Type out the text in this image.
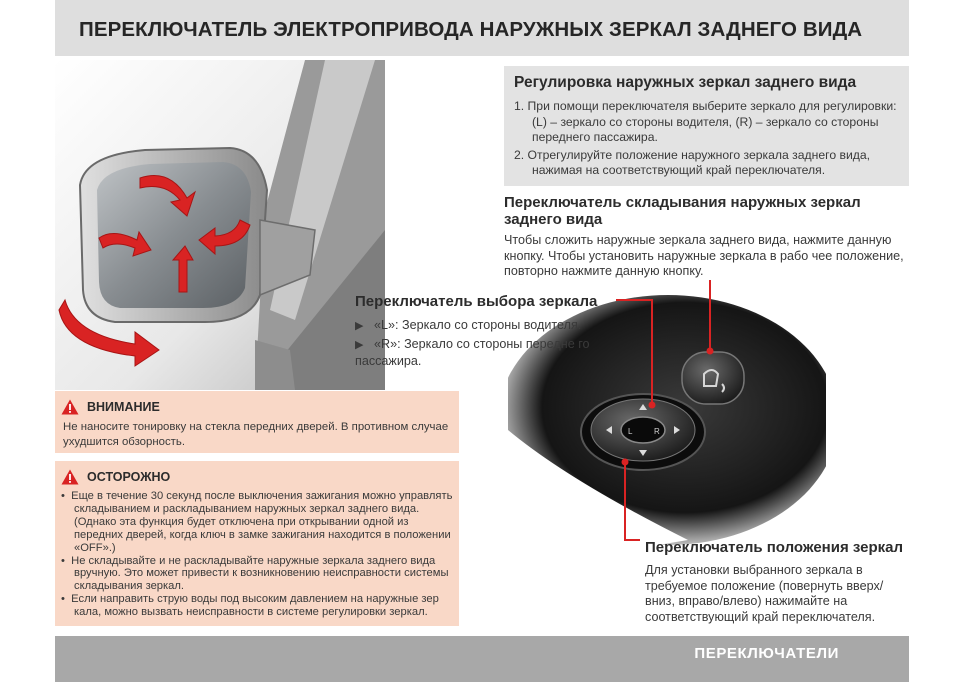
ПЕРЕКЛЮЧАТЕЛЬ ЭЛЕКТРОПРИВОДА НАРУЖНЫХ ЗЕРКАЛ ЗАДНЕГО ВИДА
Регулировка наружных зеркал заднего вида
1. При помощи переключателя выберите зеркало для регулировки: (L) – зеркало со стороны водителя, (R) – зеркало со стороны переднего пассажира.
2. Отрегулируйте положение наружного зеркала заднего вида, нажимая на соответствующий край переключателя.
Переключатель складывания наружных зеркал
заднего вида
Чтобы сложить наружные зеркала заднего вида, нажмите данную кнопку. Чтобы установить наружные зеркала в рабо чее положение, повторно нажмите данную кнопку.
L	R
Переключатель выбора зеркала
▶ «L»: Зеркало со стороны водителя.
▶ «R»: Зеркало со стороны передне го пассажира.
Переключатель положения зеркал
Для установки выбранного зеркала в требуемое положение (повернуть вверх/вниз, вправо/влево) нажимайте на соответствующий край переключателя.
ВНИМАНИЕ
Не наносите тонировку на стекла передних дверей. В противном случае ухудшится обзорность.
ОСТОРОЖНО
•  Еще в течение 30 секунд после выключения зажигания можно управлять складыванием и раскладыванием наружных зеркал заднего вида. (Однако эта функция будет отключена при открывании одной из передних дверей, когда ключ в замке зажигания находится в положении «OFF».)
•  Не складывайте и не раскладывайте наружные зеркала заднего вида вручную. Это может привести к возникновению неисправности системы складывания зеркал.
•  Если направить струю воды под высоким давлением на наружные зер кала, можно вызвать неисправности в системе регулировки зеркал.
ПЕРЕКЛЮЧАТЕЛИ
